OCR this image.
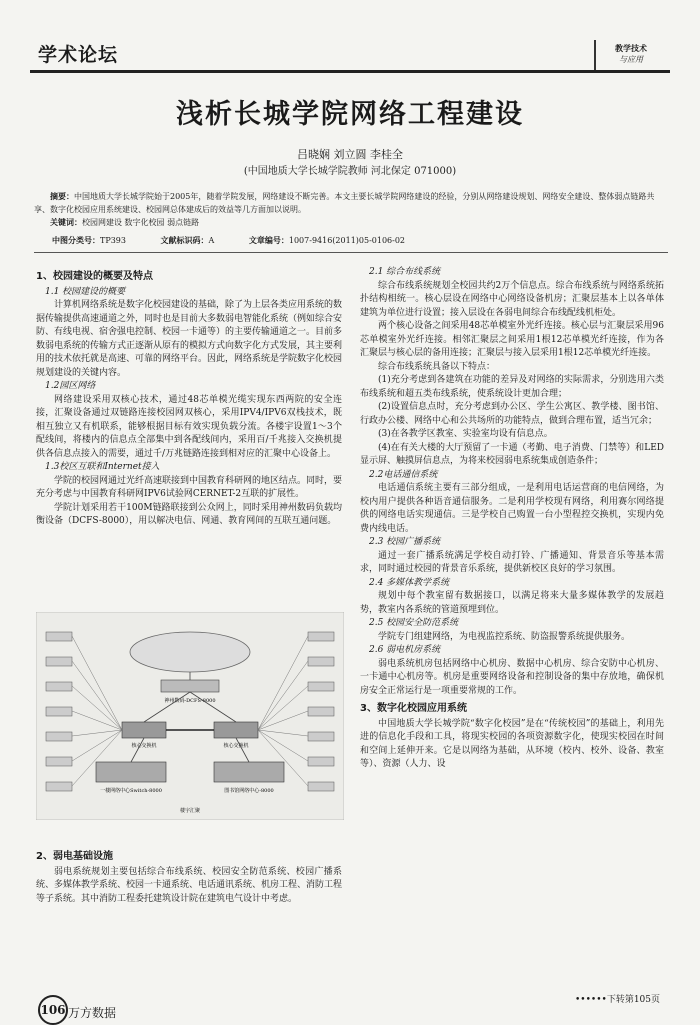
学术论坛	教学技术
与应用
浅析长城学院网络工程建设
吕晓娴 刘立圆 李桂全
(中国地质大学长城学院教师 河北保定 071000)
摘要：中国地质大学长城学院始于2005年，随着学院发展，网络建设不断完善。本文主要长城学院网络建设的经验，分别从网络建设规划、网络安全建设、整体弱点链路共享、数字化校园应用系统建设、校园网总体建成后的效益等几方面加以说明。
关键词：校园网建设 数字化校园 弱点链路
中图分类号：TP393	文献标识码：A	文章编号：1007-9416(2011)05-0106-02
1、校园建设的概要及特点
1.1 校园建设的概要

计算机网络系统是数字化校园建设的基础，除了为上层各类应用系统的数据传输提供高速通道之外，同时也是目前大多数弱电智能化系统（例如综合安防、有线电视、宿舍强电控制、校园一卡通等）的主要传输通道之一。目前多数弱电系统的传输方式正逐渐从原有的模拟方式向数字化方式发展，其主要利用的技术依托就是高速、可靠的网络平台。因此，网络系统是学院数字化校园规划建设的关键内容。

1.2园区网络

网络建设采用双核心技术，通过48芯单模光缆实现东西两院的安全连接，汇聚设备通过双链路连接校园网双核心，采用IPV4/IPV6双栈技术，既相互独立又有机联系，能够根据目标有效实现负载分流。各楼宇设置1～3个配线间，将楼内的信息点全部集中到各配线间内，采用百/千兆接入交换机提供各信息点接入的需要，通过千/万兆链路连接到相对应的汇聚中心设备上。

1.3校区互联和Internet接入

学院的校园网通过光纤高速联接到中国教育科研网的地区结点。同时，要充分考虑与中国教育科研网IPV6试验网CERNET-2互联的扩展性。

学院计划采用若干100M链路联接到公众网上，同时采用神州数码负载均衡设备（DCFS-8000），用以解决电信、网通、教育网间的互联互通问题。

神州数码-DCFS-8000
核心交换机	核心交换机
一楼网络中心Switch-8000	图书馆网络中心-8000
楼宇汇聚
2、弱电基础设施

弱电系统规划主要包括综合布线系统、校园安全防范系统、校园广播系统、多媒体教学系统、校园一卡通系统、电话通讯系统、机房工程、消防工程等子系统。其中消防工程委托建筑设计院在建筑电气设计中考虑。

2.1 综合布线系统

综合布线系统规划全校园共约2万个信息点。综合布线系统与网络系统拓扑结构相统一。核心层设在网络中心网络设备机房；汇聚层基本上以各单体建筑为单位进行设置；接入层设在各弱电间综合布线配线机柜处。

两个核心设备之间采用48芯单模室外光纤连接。核心层与汇聚层采用96芯单模室外光纤连接。相邻汇聚层之间采用1根12芯单模光纤连接，作为各汇聚层与核心层的备用连接；汇聚层与接入层采用1根12芯单模光纤连接。

综合布线系统具备以下特点：

(1)充分考虑到各建筑在功能的差异及对网络的实际需求，分别选用六类布线系统和超五类布线系统，使系统设计更加合理；

(2)设置信息点时，充分考虑到办公区、学生公寓区、教学楼、图书馆、行政办公楼、网络中心和公共场所的功能特点，做到合理布置，适当冗余；

(3)在各教学区教室、实验室均设有信息点。

(4)在有关大楼的大厅预留了一卡通（考勤、电子消费、门禁等）和LED显示屏、触摸屏信息点，为将来校园弱电系统集成创造条件；

2.2电话通信系统

电话通信系统主要有三部分组成，一是利用电话运营商的电信网络，为校内用户提供各种语音通信服务。二是利用学校现有网络，利用赛尔网络提供的网络电话实现通信。三是学校自己购置一台小型程控交换机，实现内免费内线电话。

2.3 校园广播系统

通过一套广播系统满足学校自动打铃、广播通知、背景音乐等基本需求，同时通过校园的背景音乐系统，提供新校区良好的学习氛围。

2.4 多媒体教学系统

规划中每个教室留有数据接口，以满足将来大量多媒体教学的发展趋势，教室内各系统的管道预埋到位。

2.5 校园安全防范系统

学院专门组建网络，为电视监控系统、防盗报警系统提供服务。

2.6 弱电机房系统

弱电系统机房包括网络中心机房、数据中心机房、综合安防中心机房、一卡通中心机房等。机房是重要网络设备和控制设备的集中存放地，确保机房安全正常运行是一项重要常规的工作。

3、数字化校园应用系统

中国地质大学长城学院“数字化校园”是在“传统校园”的基础上，利用先进的信息化手段和工具，将现实校园的各项资源数字化，使现实校园在时间和空间上延伸开来。它是以网络为基础，从环境（校内、校外、设备、教室等）、资源（人力、设

••••••下转第105页
106 万方数据
